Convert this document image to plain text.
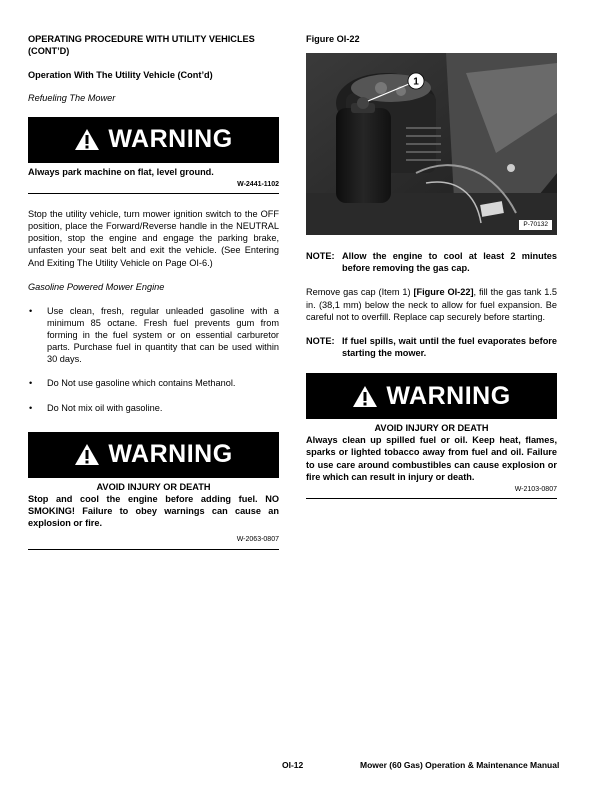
OPERATING PROCEDURE WITH UTILITY VEHICLES (CONT’D)
Operation With The Utility Vehicle (Cont’d)
Refueling The Mower
WARNING
Always park machine on flat, level ground.
W-2441-1102

Stop the utility vehicle, turn mower ignition switch to the OFF position, place the Forward/Reverse handle in the NEUTRAL position, stop the engine and engage the parking brake, unfasten your seat belt and exit the vehicle. (See Entering And Exiting The Utility Vehicle on Page OI-6.)

Gasoline Powered Mower Engine
• Use clean, fresh, regular unleaded gasoline with a minimum 85 octane. Fresh fuel prevents gum from forming in the fuel system or on essential carburetor parts. Purchase fuel in quantity that can be used within 30 days.
• Do Not use gasoline which contains Methanol.
• Do Not mix oil with gasoline.
WARNING
AVOID INJURY OR DEATH
Stop and cool the engine before adding fuel. NO SMOKING! Failure to obey warnings can cause an explosion or fire.
W-2063-0807
Figure OI-22
1
P-70132
NOTE: Allow the engine to cool at least 2 minutes before removing the gas cap.

Remove gas cap (Item 1) [Figure OI-22], fill the gas tank 1.5 in. (38,1 mm) below the neck to allow for fuel expansion. Be careful not to overfill. Replace cap securely before starting.

NOTE: If fuel spills, wait until the fuel evaporates before starting the mower.
WARNING
AVOID INJURY OR DEATH
Always clean up spilled fuel or oil. Keep heat, flames, sparks or lighted tobacco away from fuel and oil. Failure to use care around combustibles can cause explosion or fire which can result in injury or death.
W-2103-0807
OI-12	Mower (60 Gas) Operation & Maintenance Manual
